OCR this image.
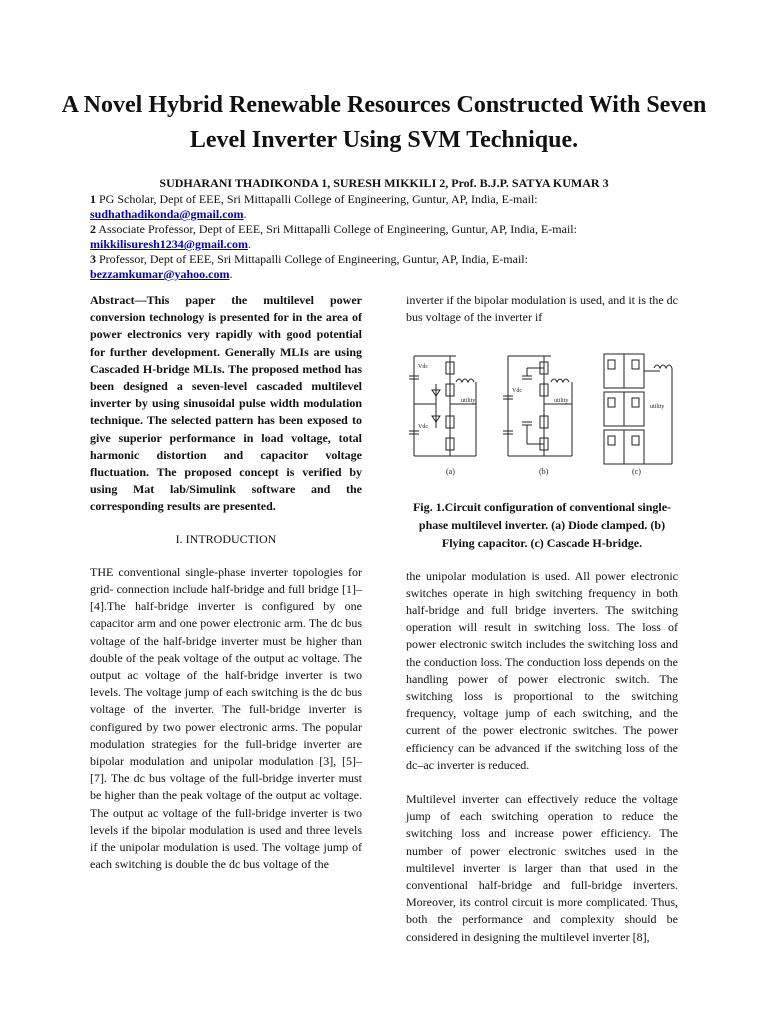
A Novel Hybrid Renewable Resources Constructed With Seven Level Inverter Using SVM Technique.
SUDHARANI THADIKONDA 1, SURESH MIKKILI 2, Prof. B.J.P. SATYA KUMAR 3
1 PG Scholar, Dept of EEE, Sri Mittapalli College of Engineering, Guntur, AP, India, E-mail:
sudhathadikonda@gmail.com.
2 Associate Professor, Dept of EEE, Sri Mittapalli College of Engineering, Guntur, AP, India, E-mail:
mikkilisuresh1234@gmail.com.
3 Professor, Dept of EEE, Sri Mittapalli College of Engineering, Guntur, AP, India, E-mail:
bezzamkumar@yahoo.com.

Abstract—This paper the multilevel power conversion technology is presented for in the area of power electronics very rapidly with good potential for further development. Generally MLIs are using Cascaded H-bridge MLIs. The proposed method has been designed a seven-level cascaded multilevel inverter by using sinusoidal pulse width modulation technique. The selected pattern has been exposed to give superior performance in load voltage, total harmonic distortion and capacitor voltage fluctuation. The proposed concept is verified by using Mat lab/Simulink software and the corresponding results are presented.

I. INTRODUCTION

THE conventional single-phase inverter topologies for grid- connection include half-bridge and full bridge [1]–[4].The half-bridge inverter is configured by one capacitor arm and one power electronic arm. The dc bus voltage of the half-bridge inverter must be higher than double of the peak voltage of the output ac voltage. The output ac voltage of the half-bridge inverter is two levels. The voltage jump of each switching is the dc bus voltage of the inverter. The full-bridge inverter is configured by two power electronic arms. The popular modulation strategies for the full-bridge inverter are bipolar modulation and unipolar modulation [3], [5]–[7]. The dc bus voltage of the full-bridge inverter must be higher than the peak voltage of the output ac voltage. The output ac voltage of the full-bridge inverter is two levels if the bipolar modulation is used and three levels if the unipolar modulation is used. The voltage jump of each switching is double the dc bus voltage of the

inverter if the bipolar modulation is used, and it is the dc bus voltage of the inverter if

Vdc
Vdc
Vdc
utility	utility
utility
(a)	(b)	(c)

Fig. 1.Circuit configuration of conventional single-phase multilevel inverter. (a) Diode clamped. (b) Flying capacitor. (c) Cascade H-bridge.

the unipolar modulation is used. All power electronic switches operate in high switching frequency in both half-bridge and full bridge inverters. The switching operation will result in switching loss. The loss of power electronic switch includes the switching loss and the conduction loss. The conduction loss depends on the handling power of power electronic switch. The switching loss is proportional to the switching frequency, voltage jump of each switching, and the current of the power electronic switches. The power efficiency can be advanced if the switching loss of the dc–ac inverter is reduced.

Multilevel inverter can effectively reduce the voltage jump of each switching operation to reduce the switching loss and increase power efficiency. The number of power electronic switches used in the multilevel inverter is larger than that used in the conventional half-bridge and full-bridge inverters. Moreover, its control circuit is more complicated. Thus, both the performance and complexity should be considered in designing the multilevel inverter [8],
